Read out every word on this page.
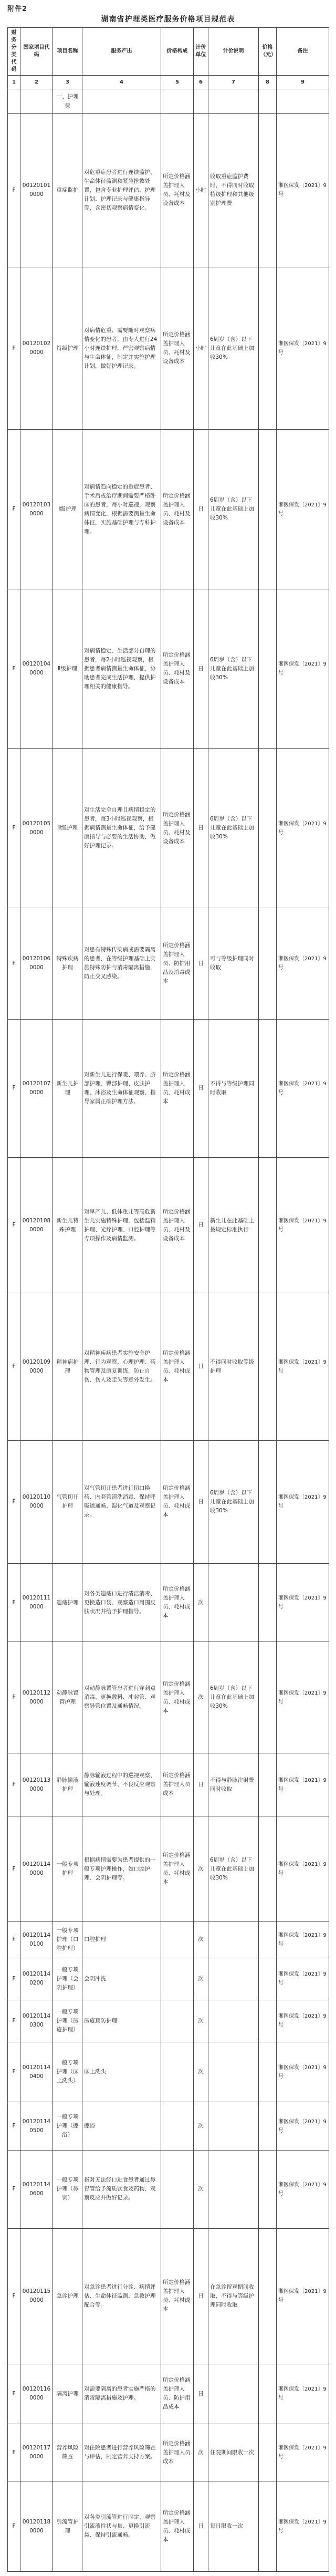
附件2
湖南省护理类医疗服务价格项目规范表
财务分类代码	国家项目代码	项目名称	服务产出	价格构成	计价单位	计价说明	价格（元）	备注
1	2	3	4	5	6	7	8	9
		一、护理费						
F	001201010000	重症监护	对危重症患者进行连续监护、生命体征监测和紧急抢救处置，包含专业护理评估、护理计划、护理记录与健康指导等，含密切观察病情变化。	所定价格涵盖护理人员、耗材及设备成本	小时	收取重症监护费时，不得同时收取特级护理和其他级别护理费		湘医保发〔2021〕9号
F	001201020000	特级护理	对病情危重、需要随时观察病情变化的患者，由专人进行24小时连续护理，严密观察病情与生命体征，制定并实施护理计划，做好护理记录。	所定价格涵盖护理人员、耗材及设备成本	小时	6周岁（含）以下儿童在此基础上加收30%		湘医保发〔2021〕9号
F	001201030000	Ⅰ级护理	对病情趋向稳定的重症患者、手术后或治疗期间需要严格卧床的患者，每小时巡视，观察病情变化，根据需要测量生命体征，实施基础护理与专科护理。	所定价格涵盖护理人员、耗材及设备成本	日	6周岁（含）以下儿童在此基础上加收30%		湘医保发〔2021〕9号
F	001201040000	Ⅱ级护理	对病情稳定、生活部分自理的患者，每2小时巡视观察，根据患者病情测量生命体征，协助患者完成生活护理，提供护理相关的健康指导。	所定价格涵盖护理人员、耗材及设备成本	日	6周岁（含）以下儿童在此基础上加收30%		湘医保发〔2021〕9号
F	001201050000	Ⅲ级护理	对生活完全自理且病情稳定的患者，每3小时巡视观察，根据病情测量生命体征，给予健康指导与必要的生活协助，做好护理记录。	所定价格涵盖护理人员、耗材及设备成本	日	6周岁（含）以下儿童在此基础上加收30%		湘医保发〔2021〕9号
F	001201060000	特殊疾病护理	对患有特殊传染病或需要隔离的患者，在等级护理基础上实施特殊防护与消毒隔离措施，防止交叉感染。	所定价格涵盖护理人员、防护用品及消毒成本	日	可与等级护理同时收取		湘医保发〔2021〕9号
F	001201070000	新生儿护理	对新生儿进行保暖、喂养、脐部护理、臀部护理、皮肤护理、沐浴及生命体征观察，指导家属正确护理方法。	所定价格涵盖护理人员、耗材成本	日	不得与等级护理同时收取		湘医保发〔2021〕9号
F	001201080000	新生儿特殊护理	对早产儿、低体重儿等高危新生儿实施特殊护理，包括温箱护理、光疗护理、口腔护理等专项操作及病情监测。	所定价格涵盖护理人员、耗材及设备成本	日	新生儿在此基础上按规定标准执行		湘医保发〔2021〕9号
F	001201090000	精神病护理	对精神疾病患者实施安全护理、行为观察、心理护理、药物管理及康复训练，防止自伤、伤人及走失等意外发生。	所定价格涵盖护理人员、耗材成本	日	不得同时收取等级护理		湘医保发〔2021〕9号
F	001201100000	气管切开护理	对气管切开患者进行切口换药、内套管清洗消毒、保持呼吸道通畅、湿化气道及观察记录。	所定价格涵盖护理人员、耗材成本	日	6周岁（含）以下儿童在此基础上加收30%		湘医保发〔2021〕9号
F	001201110000	造瘘护理	对各类造瘘口进行清洁消毒、更换造口袋、观察造口周围皮肤状况并给予护理指导。	所定价格涵盖护理人员、耗材成本	次			湘医保发〔2021〕9号
F	001201120000	动静脉置管护理	对动静脉置管患者进行穿刺点消毒、更换敷料、冲封管、观察导管位置及通畅情况。	所定价格涵盖护理人员、耗材成本	次	6周岁（含）以下儿童在此基础上加收30%		湘医保发〔2021〕9号
F	001201130000	静脉输液护理	静脉输液过程中的巡视观察、输液速度调节、不良反应观察与处理。	所定价格涵盖护理人员成本	日	不得与静脉注射费同时收取		湘医保发〔2021〕9号
F	001201140000	一般专项护理	根据病情需要为患者提供的一般专项护理操作，如口腔护理、会阴护理等。	所定价格涵盖护理人员、耗材成本	次	6周岁（含）以下儿童在此基础上加收30%		湘医保发〔2021〕9号
F	001201140100	一般专项护理（口腔护理）	口腔护理		次			湘医保发〔2021〕9号
F	001201140200	一般专项护理（会阴护理）	会阴冲洗		次			湘医保发〔2021〕9号
F	001201140300	一般专项护理（压疮护理）	压疮预防护理		次			湘医保发〔2021〕9号
F	001201140400	一般专项护理（床上洗头）	床上洗头		次			湘医保发〔2021〕9号
F	001201140500	一般专项护理（擦浴）	擦浴		次			湘医保发〔2021〕9号
F	001201140600	一般专项护理（鼻饲）	指对无法经口进食患者通过鼻胃管给予流质饮食及药物，观察反应并做好记录。		次			湘医保发〔2021〕9号
F	001201150000	急诊护理	对急诊患者进行分诊、病情评估、生命体征监测、急救护理配合等。	所定价格涵盖护理人员、耗材成本	日	在急诊留观期间收取，不得与等级护理同时收取		湘医保发〔2021〕9号
F	001201160000	隔离护理	对需要隔离的患者实施严格的消毒隔离措施及护理。	所定价格涵盖护理人员、防护用品成本	日			湘医保发〔2021〕9号
F	001201170000	营养风险筛查	对住院患者进行营养风险筛查与评估，制定营养支持方案。	所定价格涵盖护理人员成本	次	住院期间限收一次		湘医保发〔2021〕9号
F	001201180000	引流管护理	对各类引流管进行固定、观察引流液性状与量、更换引流袋、保持引流通畅。	所定价格涵盖护理人员、耗材成本	日	每日限收一次		湘医保发〔2021〕9号
